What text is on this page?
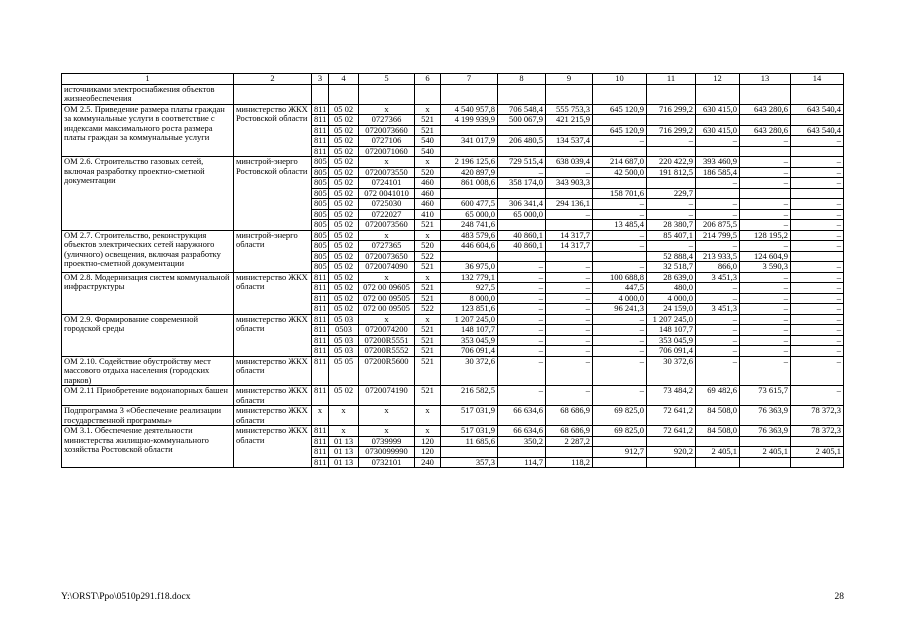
1	2	3	4	5	6	7	8	9	10	11	12	13	14
источниками электроснабжения объектов жизнеобеспечения													
ОМ 2.5. Приведение размера платы граждан за коммунальные услуги в соответствие с индексами максимального роста размера платы граждан за коммунальные услуги	министерство ЖКХ Ростовской области	811	05 02	х	х	4 540 957,8	706 548,4	555 753,3	645 120,9	716 299,2	630 415,0	643 280,6	643 540,4
		811	05 02	0727366	521	4 199 939,9	500 067,9	421 215,9					
		811	05 02	0720073660	521				645 120,9	716 299,2	630 415,0	643 280,6	643 540,4
		811	05 02	0727106	540	341 017,9	206 480,5	134 537,4	–	–	–	–	–
		811	05 02	0720071060	540								
ОМ 2.6. Строительство газовых сетей, включая разработку проектно-сметной документации	минстрой-энерго Ростовской области	805	05 02	х	х	2 196 125,6	729 515,4	638 039,4	214 687,0	220 422,9	393 460,9	–	–
		805	05 02	0720073550	520	420 897,9	–	–	42 500,0	191 812,5	186 585,4	–	–
		805	05 02	0724101	460	861 008,6	358 174,0	343 903,3			–	–	–
		805	05 02	072 0041010	460				158 701,6	229,7			
		805	05 02	0725030	460	600 477,5	306 341,4	294 136,1	–	–	–	–	–
		805	05 02	0722027	410	65 000,0	65 000,0	–	–	–	–	–	–
		805	05 02	0720073560	521	248 741,6			13 485,4	28 380,7	206 875,5	–	–
ОМ 2.7. Строительство, реконструкция объектов электрических сетей наружного (уличного) освещения, включая разработку проектно-сметной документации	минстрой-энерго области	805	05 02	х	х	483 579,6	40 860,1	14 317,7	–	85 407,1	214 799,5	128 195,2	–
		805	05 02	0727365	520	446 604,6	40 860,1	14 317,7	–	–	–	–	–
		805	05 02	0720073650	522					52 888,4	213 933,5	124 604,9	
		805	05 02	0720074090	521	36 975,0	–	–	–	32 518,7	866,0	3 590,3	–
ОМ 2.8. Модернизация систем коммунальной инфраструктуры	министерство ЖКХ области	811	05 02	х	х	132 779,1	–	–	100 688,8	28 639,0	3 451,3	–	–
		811	05 02	072 00 09605	521	927,5	–	–	447,5	480,0	–	–	–
		811	05 02	072 00 09505	521	8 000,0	–	–	4 000,0	4 000,0	–	–	–
		811	05 02	072 00 09505	522	123 851,6	–	–	96 241,3	24 159,0	3 451,3	–	–
ОМ 2.9. Формирование современной городской среды	министерство ЖКХ области	811	05 03	х	х	1 207 245,0	–	–	–	1 207 245,0	–	–	–
		811	0503	0720074200	521	148 107,7	–	–	–	148 107,7	–	–	–
		811	05 03	07200R5551	521	353 045,9	–	–	–	353 045,9	–	–	–
		811	05 03	07200R5552	521	706 091,4	–	–	–	706 091,4	–	–	–
ОМ 2.10. Содействие обустройству мест массового отдыха населения (городских парков)	министерство ЖКХ области	811	05 05	07200R5600	521	30 372,6	–	–	–	30 372,6	–	–	–
ОМ 2.11 Приобретение водонапорных башен	министерство ЖКХ области	811	05 02	0720074190	521	216 582,5	–	–	–	73 484,2	69 482,6	73 615,7	–
Подпрограмма 3 «Обеспечение реализации государственной программы»	министерство ЖКХ области	х	х	х	х	517 031,9	66 634,6	68 686,9	69 825,0	72 641,2	84 508,0	76 363,9	78 372,3
ОМ 3.1. Обеспечение деятельности министерства жилищно-коммунального хозяйства Ростовской области	министерство ЖКХ области	811	х	х	х	517 031,9	66 634,6	68 686,9	69 825,0	72 641,2	84 508,0	76 363,9	78 372,3
		811	01 13	0739999	120	11 685,6	350,2	2 287,2					
		811	01 13	0730099990	120				912,7	920,2	2 405,1	2 405,1	2 405,1
		811	01 13	0732101	240	357,3	114,7	118,2					
Y:\ORST\Ppo\0510p291.f18.docx	28
